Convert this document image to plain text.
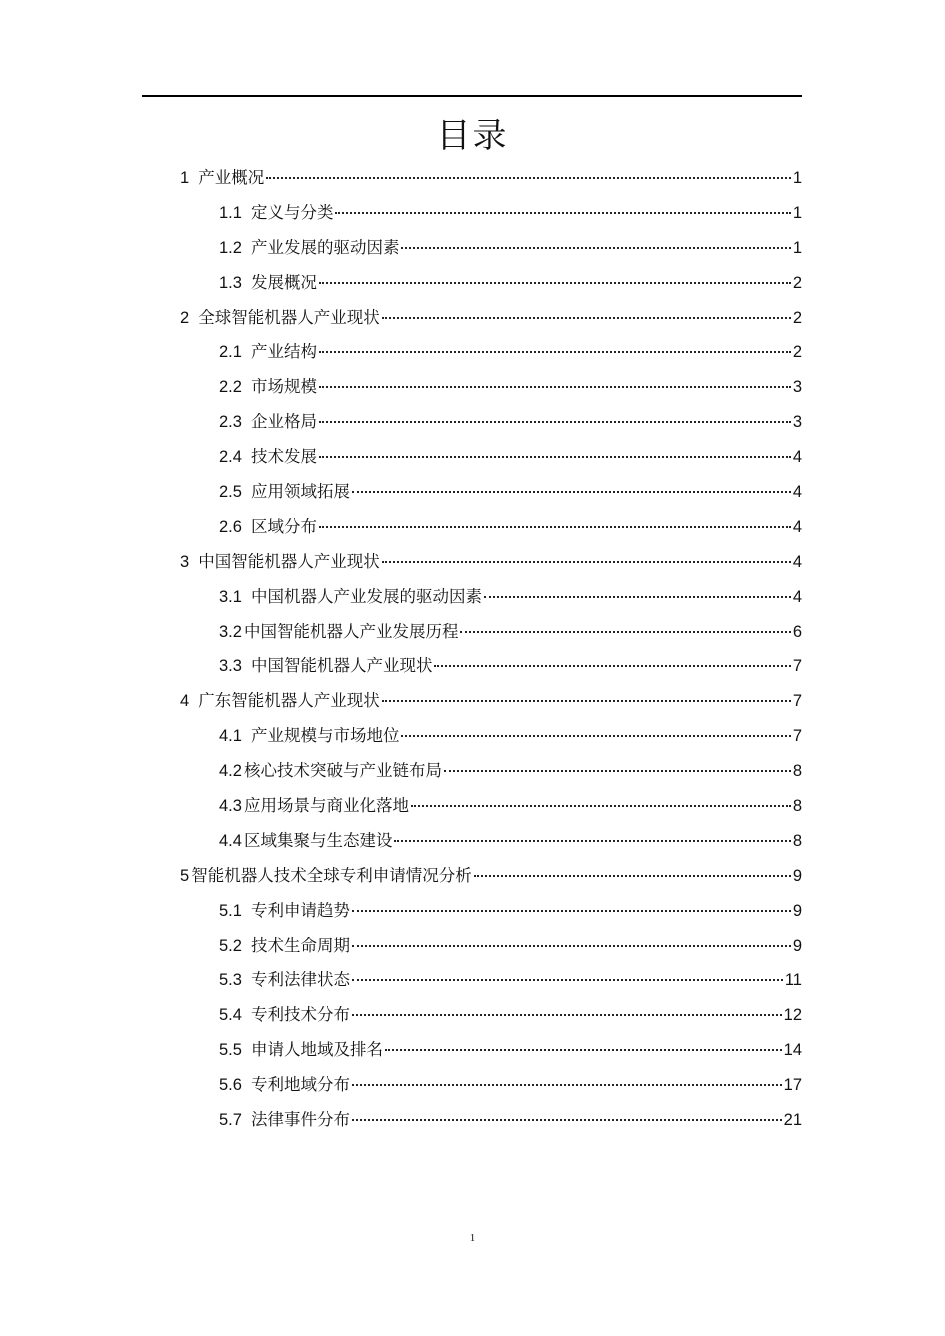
目录
1 产业概况	1
1.1 定义与分类	1
1.2 产业发展的驱动因素	1
1.3 发展概况	2
2 全球智能机器人产业现状	2
2.1 产业结构	2
2.2 市场规模	3
2.3 企业格局	3
2.4 技术发展	4
2.5 应用领域拓展	4
2.6 区域分布	4
3 中国智能机器人产业现状	4
3.1 中国机器人产业发展的驱动因素	4
3.2 中国智能机器人产业发展历程	6
3.3 中国智能机器人产业现状	7
4 广东智能机器人产业现状	7
4.1 产业规模与市场地位	7
4.2 核心技术突破与产业链布局	8
4.3 应用场景与商业化落地	8
4.4 区域集聚与生态建设	8
5 智能机器人技术全球专利申请情况分析	9
5.1 专利申请趋势	9
5.2 技术生命周期	9
5.3 专利法律状态	11
5.4 专利技术分布	12
5.5 申请人地域及排名	14
5.6 专利地域分布	17
5.7 法律事件分布	21
1
